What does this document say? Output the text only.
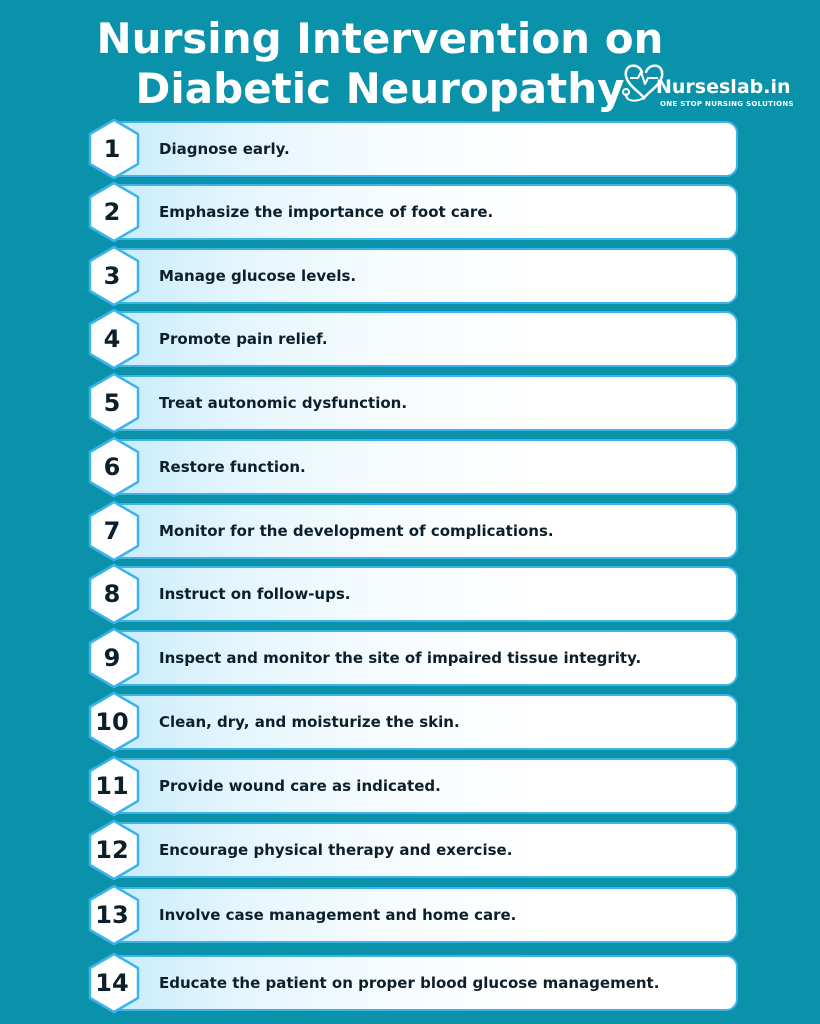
Nursing Intervention on
Diabetic Neuropathy	Nurseslab.in
ONE STOP NURSING SOLUTIONS
1	Diagnose early.
2	Emphasize the importance of foot care.
3	Manage glucose levels.
4	Promote pain relief.
5	Treat autonomic dysfunction.
6	Restore function.
7	Monitor for the development of complications.
8	Instruct on follow-ups.
9	Inspect and monitor the site of impaired tissue integrity.
10	Clean, dry, and moisturize the skin.
11	Provide wound care as indicated.
12	Encourage physical therapy and exercise.
13	Involve case management and home care.
14	Educate the patient on proper blood glucose management.
